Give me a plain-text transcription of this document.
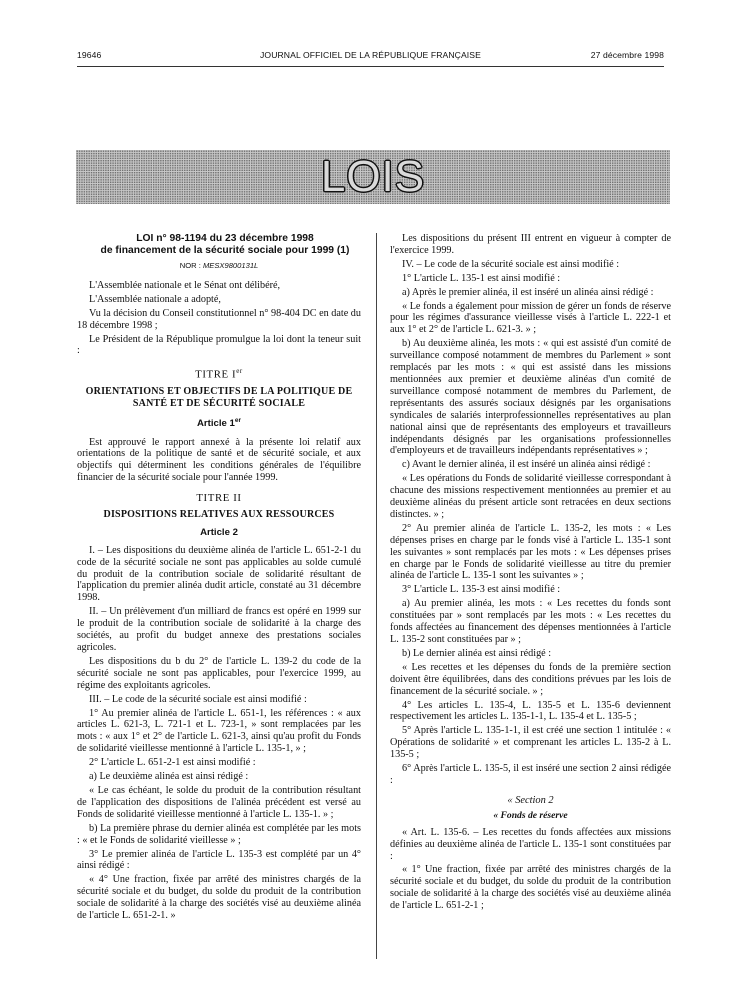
19646	JOURNAL OFFICIEL DE LA RÉPUBLIQUE FRANÇAISE	27 décembre 1998
LOIS

LOI n° 98-1194 du 23 décembre 1998

de financement de la sécurité sociale pour 1999 (1)

NOR : MESX9800131L

L'Assemblée nationale et le Sénat ont délibéré,

L'Assemblée nationale a adopté,

Vu la décision du Conseil constitutionnel n° 98-404 DC en date du 18 décembre 1998 ;

Le Président de la République promulgue la loi dont la teneur suit :

TITRE Ier

ORIENTATIONS ET OBJECTIFS DE LA POLITIQUE DE SANTÉ ET DE SÉCURITÉ SOCIALE

Article 1er

Est approuvé le rapport annexé à la présente loi relatif aux orientations de la politique de santé et de sécurité sociale, et aux objectifs qui déterminent les conditions générales de l'équilibre financier de la sécurité sociale pour l'année 1999.

TITRE II

DISPOSITIONS RELATIVES AUX RESSOURCES

Article 2

I. – Les dispositions du deuxième alinéa de l'article L. 651-2-1 du code de la sécurité sociale ne sont pas applicables au solde cumulé du produit de la contribution sociale de solidarité résultant de l'application du premier alinéa dudit article, constaté au 31 décembre 1998.

II. – Un prélèvement d'un milliard de francs est opéré en 1999 sur le produit de la contribution sociale de solidarité à la charge des sociétés, au profit du budget annexe des prestations sociales agricoles.

Les dispositions du b du 2° de l'article L. 139-2 du code de la sécurité sociale ne sont pas applicables, pour l'exercice 1999, au régime des exploitants agricoles.

III. – Le code de la sécurité sociale est ainsi modifié :

1° Au premier alinéa de l'article L. 651-1, les références : « aux articles L. 621-3, L. 721-1 et L. 723-1, » sont remplacées par les mots : « aux 1° et 2° de l'article L. 621-3, ainsi qu'au profit du Fonds de solidarité vieillesse mentionné à l'article L. 135-1, » ;

2° L'article L. 651-2-1 est ainsi modifié :

a) Le deuxième alinéa est ainsi rédigé :

« Le cas échéant, le solde du produit de la contribution résultant de l'application des dispositions de l'alinéa précédent est versé au Fonds de solidarité vieillesse mentionné à l'article L. 135-1. » ;

b) La première phrase du dernier alinéa est complétée par les mots : « et le Fonds de solidarité vieillesse » ;

3° Le premier alinéa de l'article L. 135-3 est complété par un 4° ainsi rédigé :

« 4° Une fraction, fixée par arrêté des ministres chargés de la sécurité sociale et du budget, du solde du produit de la contribution sociale de solidarité à la charge des sociétés visé au deuxième alinéa de l'article L. 651-2-1. »

Les dispositions du présent III entrent en vigueur à compter de l'exercice 1999.

IV. – Le code de la sécurité sociale est ainsi modifié :

1° L'article L. 135-1 est ainsi modifié :

a) Après le premier alinéa, il est inséré un alinéa ainsi rédigé :

« Le fonds a également pour mission de gérer un fonds de réserve pour les régimes d'assurance vieillesse visés à l'article L. 222-1 et aux 1° et 2° de l'article L. 621-3. » ;

b) Au deuxième alinéa, les mots : « qui est assisté d'un comité de surveillance composé notamment de membres du Parlement » sont remplacés par les mots : « qui est assisté dans les missions mentionnées aux premier et deuxième alinéas d'un comité de surveillance composé notamment de membres du Parlement, de représentants des assurés sociaux désignés par les organisations syndicales de salariés interprofessionnelles représentatives au plan national ainsi que de représentants des employeurs et travailleurs indépendants désignés par les organisations professionnelles d'employeurs et de travailleurs indépendants représentatives » ;

c) Avant le dernier alinéa, il est inséré un alinéa ainsi rédigé :

« Les opérations du Fonds de solidarité vieillesse correspondant à chacune des missions respectivement mentionnées au premier et au deuxième alinéas du présent article sont retracées en deux sections distinctes. » ;

2° Au premier alinéa de l'article L. 135-2, les mots : « Les dépenses prises en charge par le fonds visé à l'article L. 135-1 sont les suivantes » sont remplacés par les mots : « Les dépenses prises en charge par le Fonds de solidarité vieillesse au titre du premier alinéa de l'article L. 135-1 sont les suivantes » ;

3° L'article L. 135-3 est ainsi modifié :

a) Au premier alinéa, les mots : « Les recettes du fonds sont constituées par » sont remplacés par les mots : « Les recettes du fonds affectées au financement des dépenses mentionnées à l'article L. 135-2 sont constituées par » ;

b) Le dernier alinéa est ainsi rédigé :

« Les recettes et les dépenses du fonds de la première section doivent être équilibrées, dans des conditions prévues par les lois de financement de la sécurité sociale. » ;

4° Les articles L. 135-4, L. 135-5 et L. 135-6 deviennent respectivement les articles L. 135-1-1, L. 135-4 et L. 135-5 ;

5° Après l'article L. 135-1-1, il est créé une section 1 intitulée : « Opérations de solidarité » et comprenant les articles L. 135-2 à L. 135-5 ;

6° Après l'article L. 135-5, il est inséré une section 2 ainsi rédigée :

« Section 2

« Fonds de réserve

« Art. L. 135-6. – Les recettes du fonds affectées aux missions définies au deuxième alinéa de l'article L. 135-1 sont constituées par :

« 1° Une fraction, fixée par arrêté des ministres chargés de la sécurité sociale et du budget, du solde du produit de la contribution sociale de solidarité à la charge des sociétés visé au deuxième alinéa de l'article L. 651-2-1 ;
